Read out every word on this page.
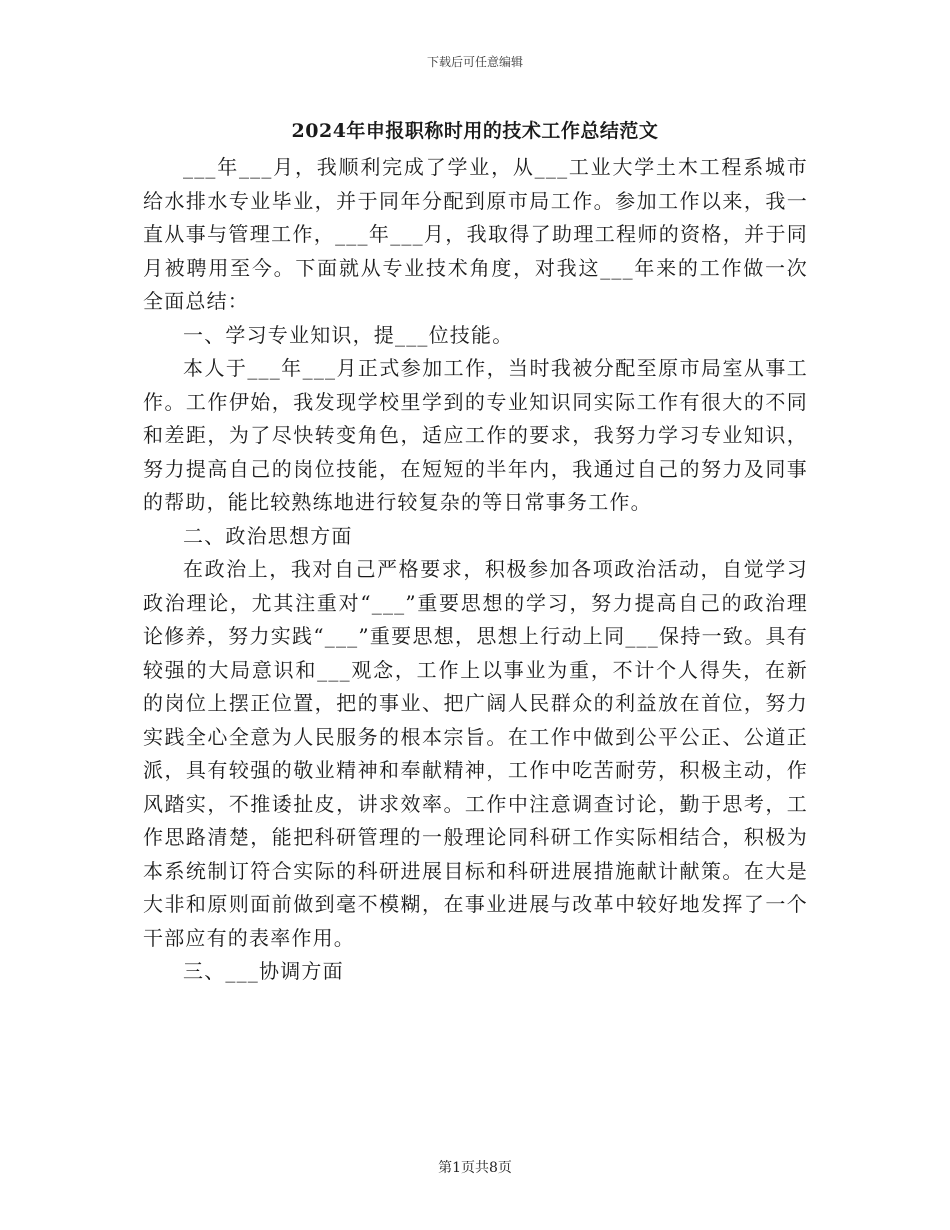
下载后可任意编辑
2024年申报职称时用的技术工作总结范文

___年___月，我顺利完成了学业，从___工业大学土木工程系城市给水排水专业毕业，并于同年分配到原市局工作。参加工作以来，我一直从事与管理工作，___年___月，我取得了助理工程师的资格，并于同月被聘用至今。下面就从专业技术角度，对我这___年来的工作做一次全面总结：

一、学习专业知识，提___位技能。

本人于___年___月正式参加工作，当时我被分配至原市局室从事工作。工作伊始，我发现学校里学到的专业知识同实际工作有很大的不同和差距，为了尽快转变角色，适应工作的要求，我努力学习专业知识，努力提高自己的岗位技能，在短短的半年内，我通过自己的努力及同事的帮助，能比较熟练地进行较复杂的等日常事务工作。

二、政治思想方面

在政治上，我对自己严格要求，积极参加各项政治活动，自觉学习政治理论，尤其注重对“___”重要思想的学习，努力提高自己的政治理论修养，努力实践“___”重要思想，思想上行动上同___保持一致。具有较强的大局意识和___观念，工作上以事业为重，不计个人得失，在新的岗位上摆正位置，把的事业、把广阔人民群众的利益放在首位，努力实践全心全意为人民服务的根本宗旨。在工作中做到公平公正、公道正派，具有较强的敬业精神和奉献精神，工作中吃苦耐劳，积极主动，作风踏实，不推诿扯皮，讲求效率。工作中注意调查讨论，勤于思考，工作思路清楚，能把科研管理的一般理论同科研工作实际相结合，积极为本系统制订符合实际的科研进展目标和科研进展措施献计献策。在大是大非和原则面前做到毫不模糊，在事业进展与改革中较好地发挥了一个干部应有的表率作用。

三、___协调方面

第1页共8页
